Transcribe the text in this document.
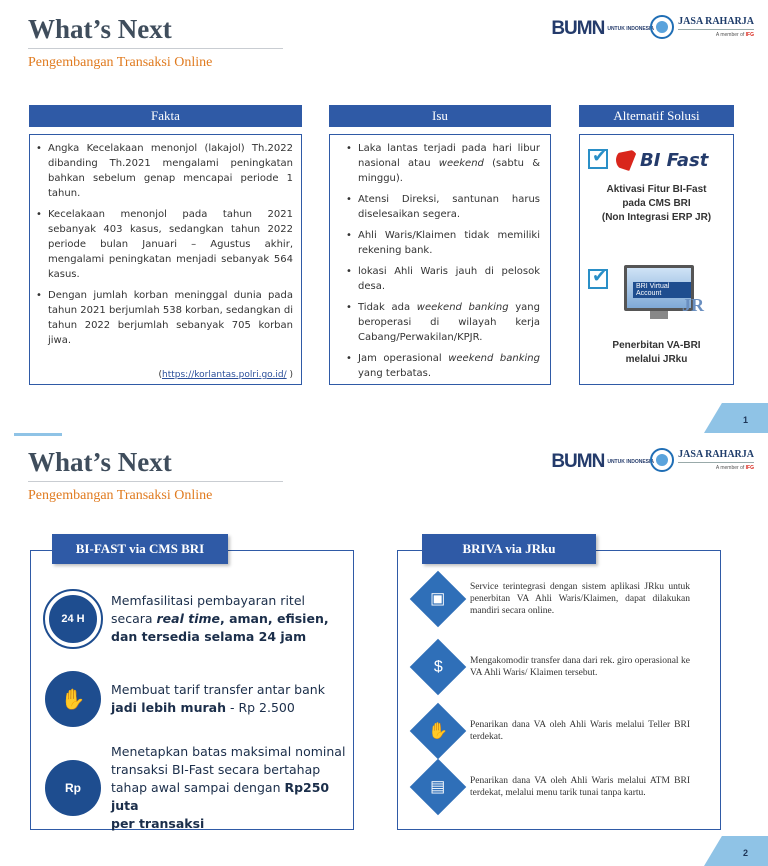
What’s Next
Pengembangan Transaksi Online
BUMN UNTUK INDONESIA
JASA RAHARJA
A member of IFG
Fakta
• Angka Kecelakaan menonjol (lakajol) Th.2022 dibanding Th.2021 mengalami peningkatan bahkan sebelum genap mencapai periode 1 tahun.
• Kecelakaan menonjol pada tahun 2021 sebanyak 403 kasus, sedangkan tahun 2022 periode bulan Januari – Agustus akhir, mengalami peningkatan menjadi sebanyak 564 kasus.
• Dengan jumlah korban meninggal dunia pada tahun 2021 berjumlah 538 korban, sedangkan di tahun 2022 berjumlah sebanyak 705 korban jiwa.
(https://korlantas.polri.go.id/ )
Isu
• Laka lantas terjadi pada hari libur nasional atau weekend (sabtu & minggu).
• Atensi Direksi, santunan harus diselesaikan segera.
• Ahli Waris/Klaimen tidak memiliki rekening bank.
• lokasi Ahli Waris jauh di pelosok desa.
• Tidak ada weekend banking yang beroperasi di wilayah kerja Cabang/Perwakilan/KPJR.
• Jam operasional weekend banking yang terbatas.
Alternatif Solusi
✔
BI Fast
Aktivasi Fitur BI-Fast
pada CMS BRI
(Non Integrasi ERP JR)
✔
BRI Virtual Account
JR
Penerbitan VA-BRI
melalui JRku
1
What’s Next
Pengembangan Transaksi Online
BUMN UNTUK INDONESIA
JASA RAHARJA
A member of IFG
24 H
Memfasilitasi pembayaran ritel
secara real time, aman, efisien,
dan tersedia selama 24 jam
✋	Membuat tarif transfer antar bank
jadi lebih murah - Rp 2.500
Rp
Menetapkan batas maksimal nominal
transaksi BI-Fast secara bertahap
tahap awal sampai dengan Rp250 juta
per transaksi
BI-FAST via CMS BRI
▣
Service terintegrasi dengan sistem aplikasi JRku untuk penerbitan VA Ahli Waris/Klaimen, dapat dilakukan mandiri secara online.
$	Mengakomodir transfer dana dari rek. giro operasional ke VA Ahli Waris/ Klaimen tersebut.
✋ Penarikan dana VA oleh Ahli Waris melalui Teller BRI terdekat.
▤	Penarikan dana VA oleh Ahli Waris melalui ATM BRI terdekat, melalui menu tarik tunai tanpa kartu.
BRIVA via JRku
2
